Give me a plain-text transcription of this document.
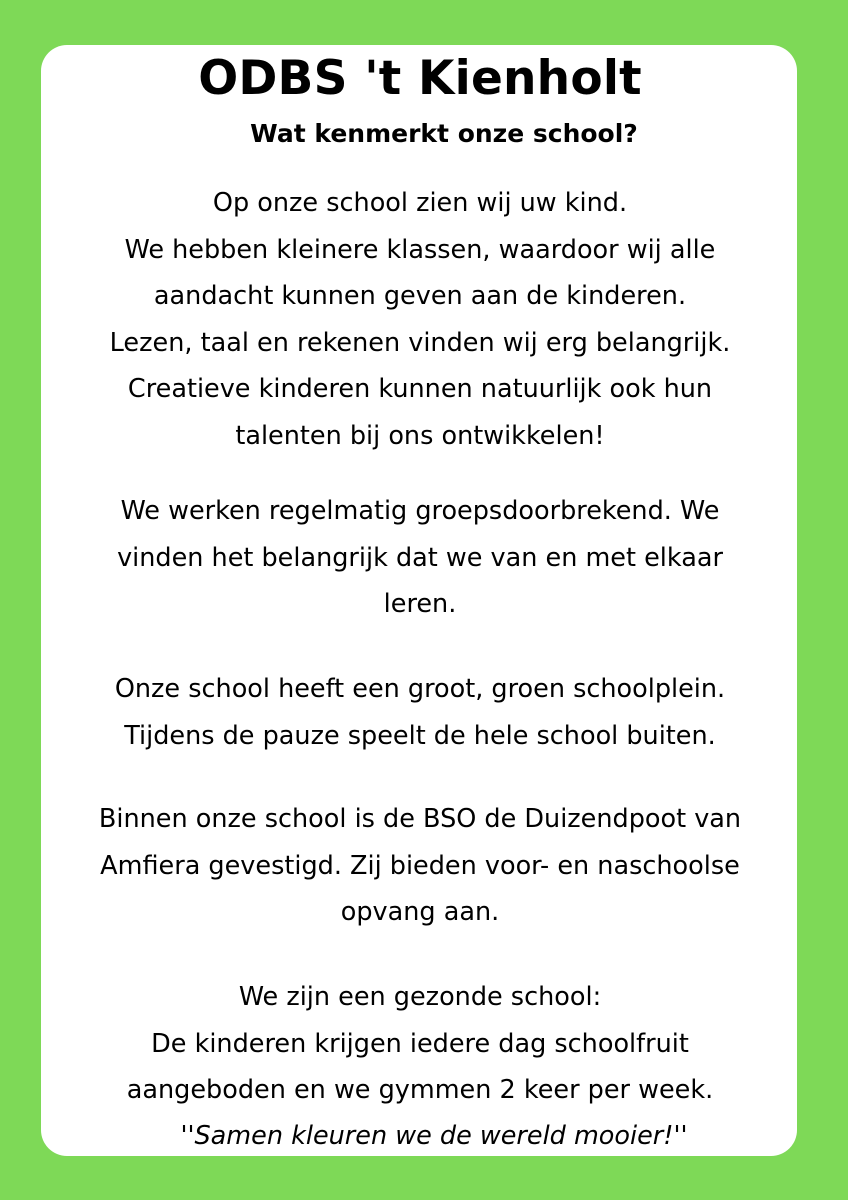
ODBS 't Kienholt
Wat kenmerkt onze school?
Op onze school zien wij uw kind.
We hebben kleinere klassen, waardoor wij alle
aandacht kunnen geven aan de kinderen.
Lezen, taal en rekenen vinden wij erg belangrijk.
Creatieve kinderen kunnen natuurlijk ook hun
talenten bij ons ontwikkelen!
We werken regelmatig groepsdoorbrekend. We
vinden het belangrijk dat we van en met elkaar
leren.
Onze school heeft een groot, groen schoolplein.
Tijdens de pauze speelt de hele school buiten.
Binnen onze school is de BSO de Duizendpoot van
Amfiera gevestigd. Zij bieden voor- en naschoolse
opvang aan.
We zijn een gezonde school:
De kinderen krijgen iedere dag schoolfruit
aangeboden en we gymmen 2 keer per week.

''Samen kleuren we de wereld mooier!''
